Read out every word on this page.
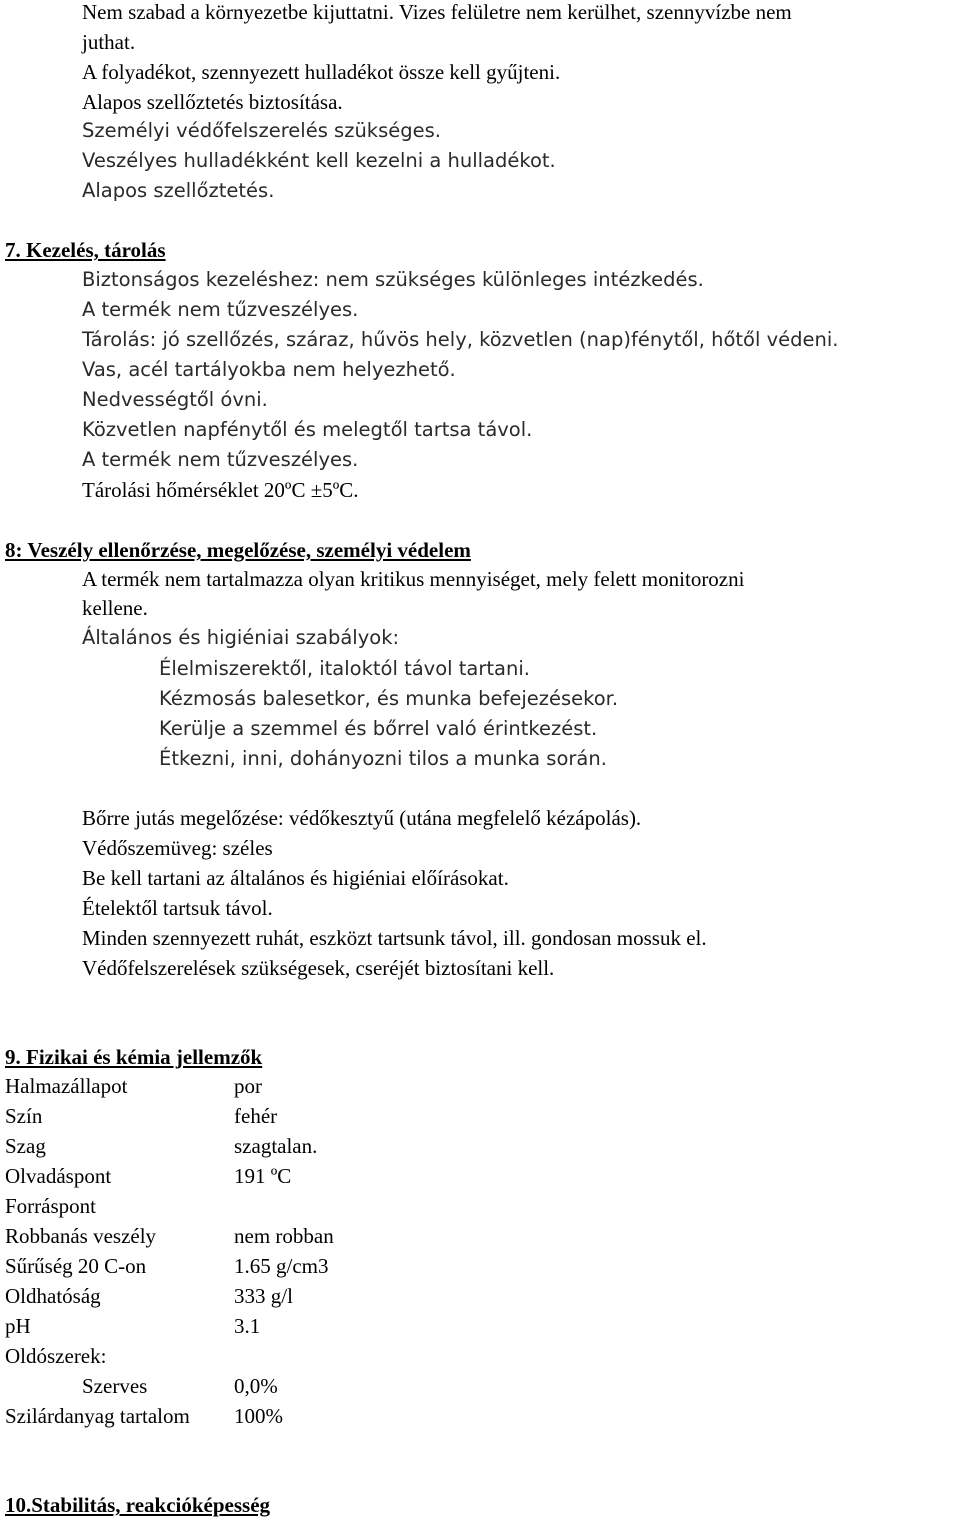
Nem szabad a környezetbe kijuttatni. Vizes felületre nem kerülhet, szennyvízbe nem
juthat.
A folyadékot, szennyezett hulladékot össze kell gyűjteni.
Alapos szellőztetés biztosítása.
Személyi védőfelszerelés szükséges.
Veszélyes hulladékként kell kezelni a hulladékot.
Alapos szellőztetés.
7. Kezelés, tárolás
Biztonságos kezeléshez: nem szükséges különleges intézkedés.
A termék nem tűzveszélyes.
Tárolás: jó szellőzés, száraz, hűvös hely, közvetlen (nap)fénytől, hőtől védeni.
Vas, acél tartályokba nem helyezhető.
Nedvességtől óvni.
Közvetlen napfénytől és melegtől tartsa távol.
A termék nem tűzveszélyes.
Tárolási hőmérséklet 20ºC ±5ºC.
8: Veszély ellenőrzése, megelőzése, személyi védelem
A termék nem tartalmazza olyan kritikus mennyiséget, mely felett monitorozni
kellene.
Általános és higiéniai szabályok:
Élelmiszerektől, italoktól távol tartani.
Kézmosás balesetkor, és munka befejezésekor.
Kerülje a szemmel és bőrrel való érintkezést.
Étkezni, inni, dohányozni tilos a munka során.
Bőrre jutás megelőzése: védőkesztyű (utána megfelelő kézápolás).
Védőszemüveg: széles
Be kell tartani az általános és higiéniai előírásokat.
Ételektől tartsuk távol.
Minden szennyezett ruhát, eszközt tartsunk távol, ill. gondosan mossuk el.
Védőfelszerelések szükségesek, cseréjét biztosítani kell.
9. Fizikai és kémia jellemzők
Halmazállapot	por
Szín	fehér
Szag	szagtalan.
Olvadáspont	191 ºC
Forráspont
Robbanás veszély	nem robban
Sűrűség 20 C-on	1.65 g/cm3
Oldhatóság	333 g/l
pH	3.1
Oldószerek:
Szerves	0,0%
Szilárdanyag tartalom 100%
10.Stabilitás, reakcióképesség
